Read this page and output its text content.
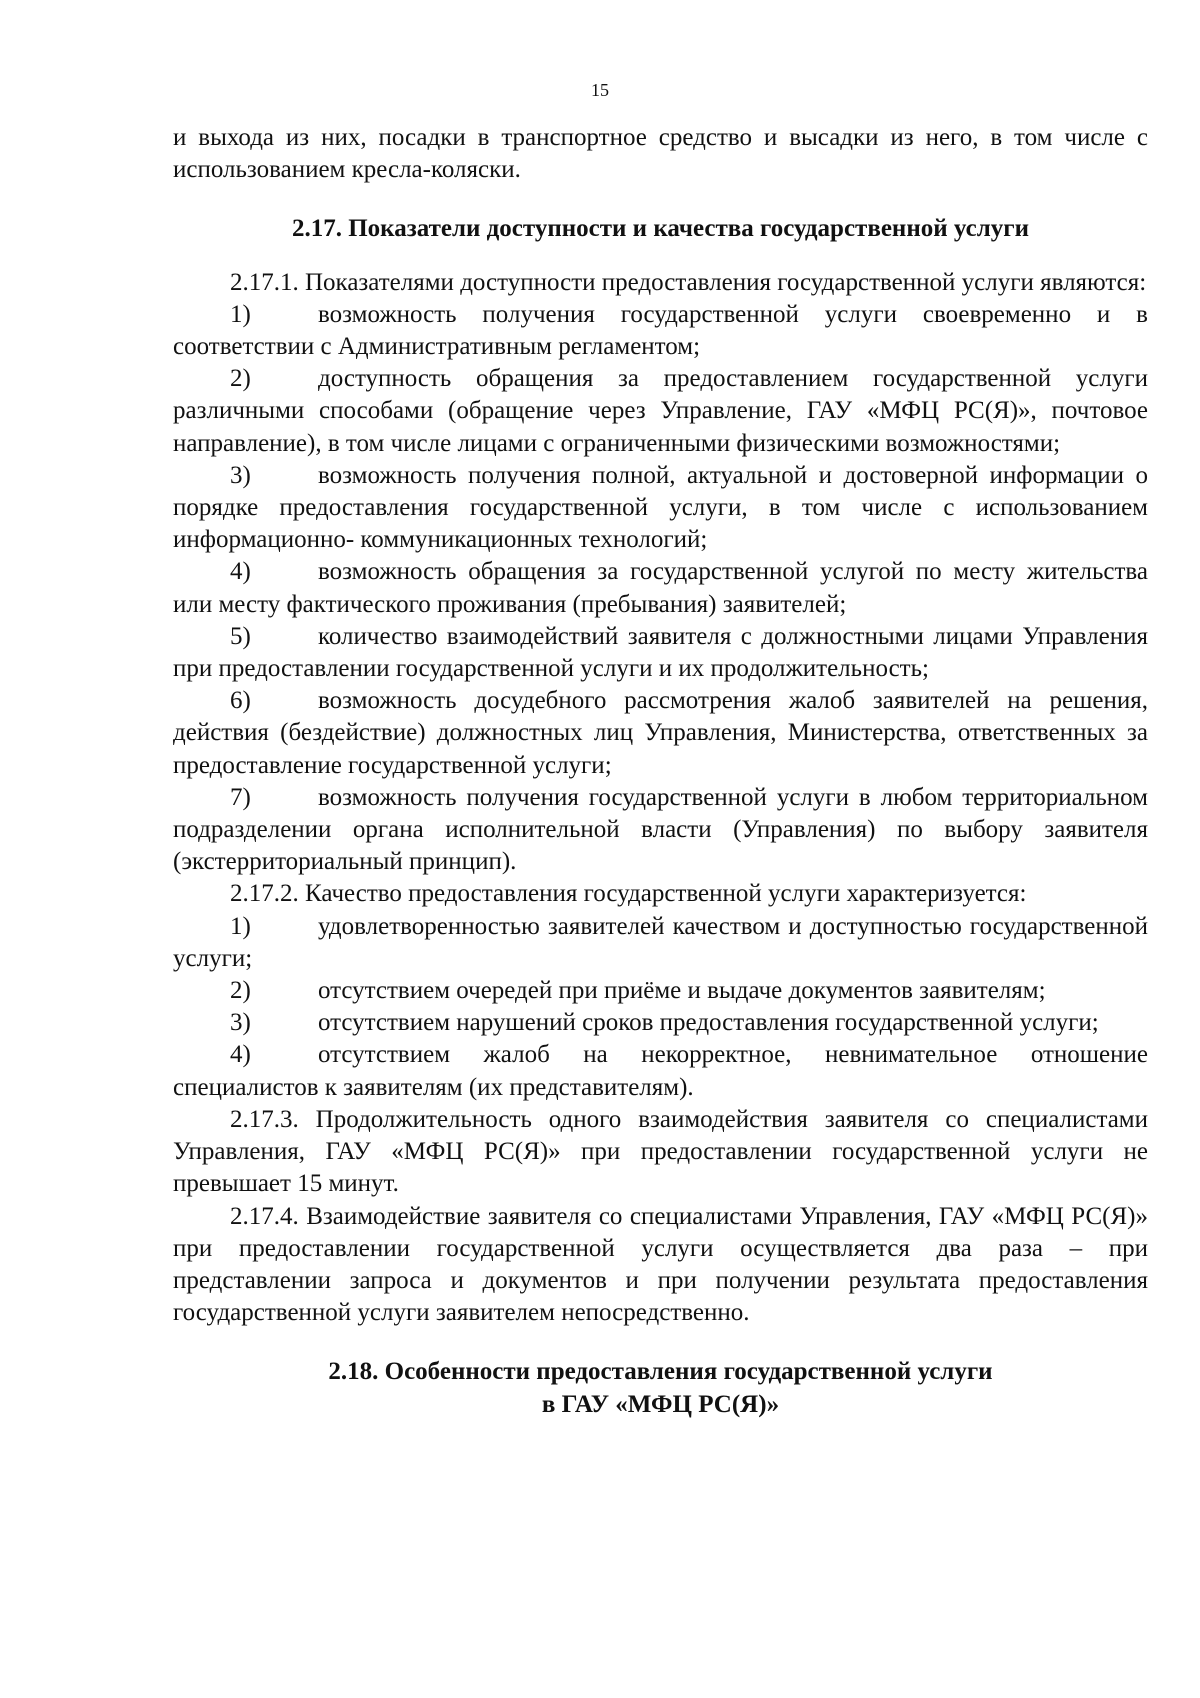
15

и выхода из них, посадки в транспортное средство и высадки из него, в том числе с использованием кресла-коляски.

2.17. Показатели доступности и качества государственной услуги

2.17.1. Показателями доступности предоставления государственной услуги являются:

1)	возможность получения государственной услуги своевременно и в соответствии с Административным регламентом;

2)	доступность обращения за предоставлением государственной услуги различными способами (обращение через Управление, ГАУ «МФЦ РС(Я)», почтовое направление), в том числе лицами с ограниченными физическими возможностями;

3)	возможность получения полной, актуальной и достоверной информации о порядке предоставления государственной услуги, в том числе с использованием информационно- коммуникационных технологий;

4)	возможность обращения за государственной услугой по месту жительства или месту фактического проживания (пребывания) заявителей;

5)	количество взаимодействий заявителя с должностными лицами Управления при предоставлении государственной услуги и их продолжительность;

6)	возможность досудебного рассмотрения жалоб заявителей на решения, действия (бездействие) должностных лиц Управления, Министерства, ответственных за предоставление государственной услуги;

7)	возможность получения государственной услуги в любом территориальном подразделении органа исполнительной власти (Управления) по выбору заявителя (экстерриториальный принцип).

2.17.2. Качество предоставления государственной услуги характеризуется:

1)	удовлетворенностью заявителей качеством и доступностью государственной услуги;

2)	отсутствием очередей при приёме и выдаче документов заявителям;

3)	отсутствием нарушений сроков предоставления государственной услуги;

4)	отсутствием жалоб на некорректное, невнимательное отношение специалистов к заявителям (их представителям).

2.17.3. Продолжительность одного взаимодействия заявителя со специалистами Управления, ГАУ «МФЦ РС(Я)» при предоставлении государственной услуги не превышает 15 минут.

2.17.4. Взаимодействие заявителя со специалистами Управления, ГАУ «МФЦ РС(Я)» при предоставлении государственной услуги осуществляется два раза – при представлении запроса и документов и при получении результата предоставления государственной услуги заявителем непосредственно.

2.18. Особенности предоставления государственной услуги
в ГАУ «МФЦ РС(Я)»
